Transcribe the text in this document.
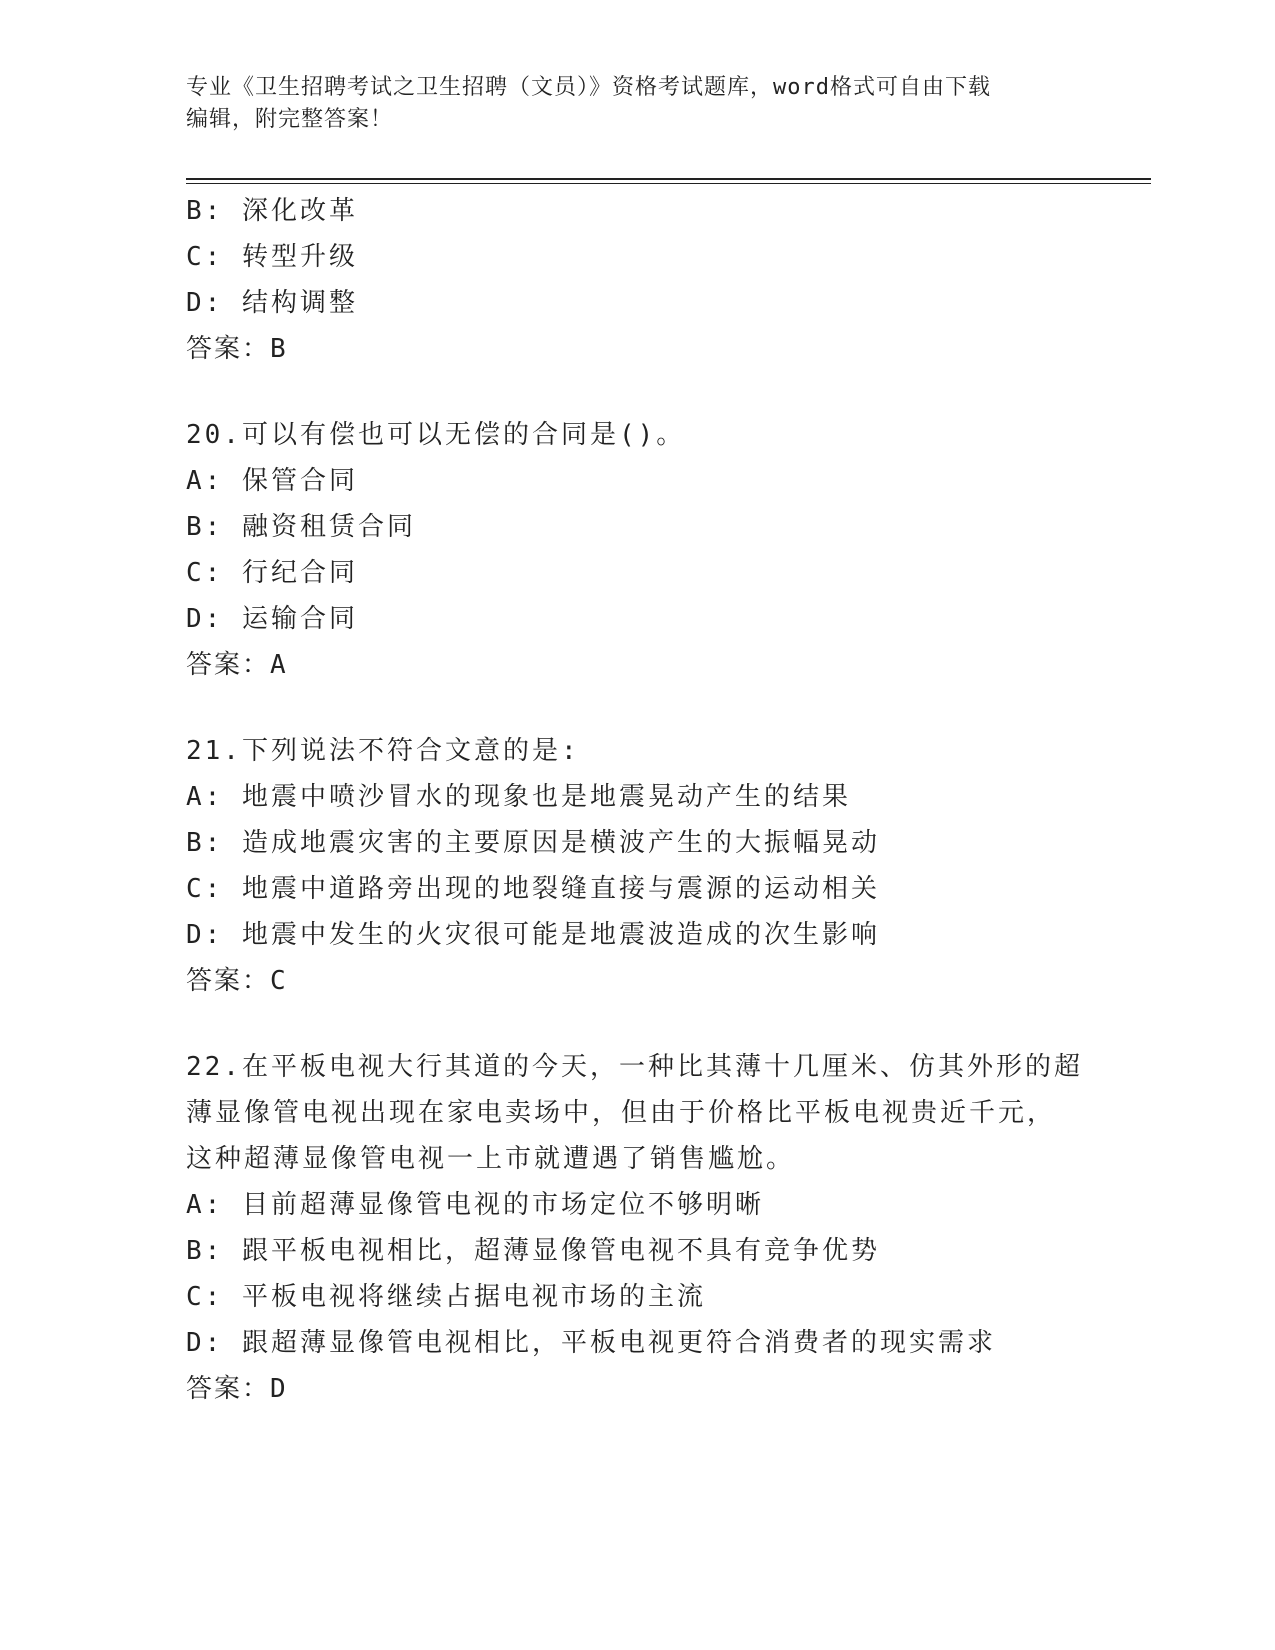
专业《卫生招聘考试之卫生招聘（文员）》资格考试题库，word格式可自由下载
编辑，附完整答案！
B: 深化改革
C: 转型升级
D: 结构调整
答案：B
20.可以有偿也可以无偿的合同是()。
A: 保管合同
B: 融资租赁合同
C: 行纪合同
D: 运输合同
答案：A
21.下列说法不符合文意的是:
A: 地震中喷沙冒水的现象也是地震晃动产生的结果
B: 造成地震灾害的主要原因是横波产生的大振幅晃动
C: 地震中道路旁出现的地裂缝直接与震源的运动相关
D: 地震中发生的火灾很可能是地震波造成的次生影响
答案：C
22.在平板电视大行其道的今天，一种比其薄十几厘米、仿其外形的超
薄显像管电视出现在家电卖场中，但由于价格比平板电视贵近千元，
这种超薄显像管电视一上市就遭遇了销售尴尬。
A: 目前超薄显像管电视的市场定位不够明晰
B: 跟平板电视相比，超薄显像管电视不具有竞争优势
C: 平板电视将继续占据电视市场的主流
D: 跟超薄显像管电视相比，平板电视更符合消费者的现实需求
答案：D
